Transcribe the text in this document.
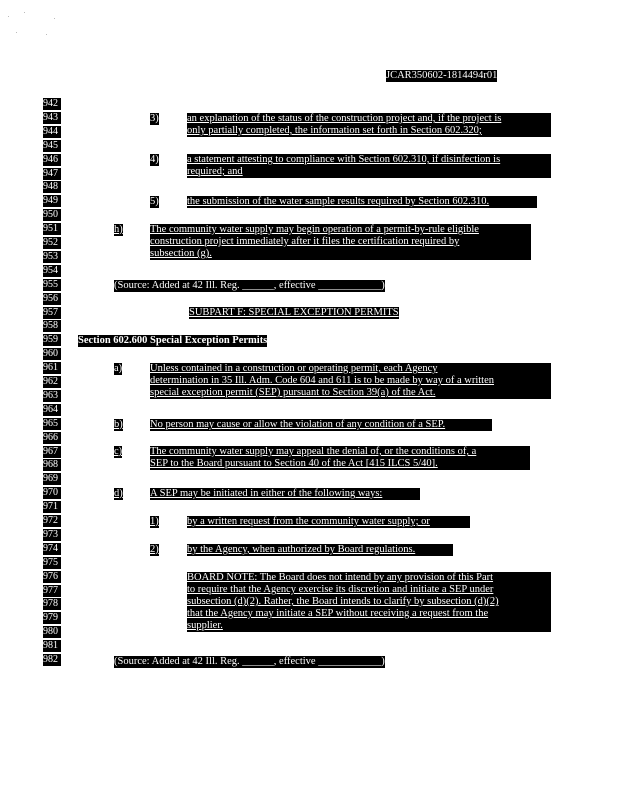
JCAR350602-1814494r01
942
943
944
945
946
947
948
949
950
951
952
953
954
955
956
957
958
959
960
961
962
963
964
965
966
967
968
969
970
971
972
973
974
975
976
977
978
979
980
981
982
3)	an explanation of the status of the construction project and, if the project is
only partially completed, the information set forth in Section 602.320;
4)	a statement attesting to compliance with Section 602.310, if disinfection is
required; and
5)	the submission of the water sample results required by Section 602.310.
h)	The community water supply may begin operation of a permit-by-rule eligible
construction project immediately after it files the certification required by
subsection (g).
(Source: Added at 42 Ill. Reg. ______, effective ____________)
SUBPART F: SPECIAL EXCEPTION PERMITS
Section 602.600 Special Exception Permits
a)	Unless contained in a construction or operating permit, each Agency
determination in 35 Ill. Adm. Code 604 and 611 is to be made by way of a written
special exception permit (SEP) pursuant to Section 39(a) of the Act.
b)	No person may cause or allow the violation of any condition of a SEP.
c)	The community water supply may appeal the denial of, or the conditions of, a
SEP to the Board pursuant to Section 40 of the Act [415 ILCS 5/40].
d)	A SEP may be initiated in either of the following ways:
1)	by a written request from the community water supply; or
2)	by the Agency, when authorized by Board regulations.
BOARD NOTE: The Board does not intend by any provision of this Part
to require that the Agency exercise its discretion and initiate a SEP under
subsection (d)(2). Rather, the Board intends to clarify by subsection (d)(2)
that the Agency may initiate a SEP without receiving a request from the
supplier.
(Source: Added at 42 Ill. Reg. ______, effective ____________)
